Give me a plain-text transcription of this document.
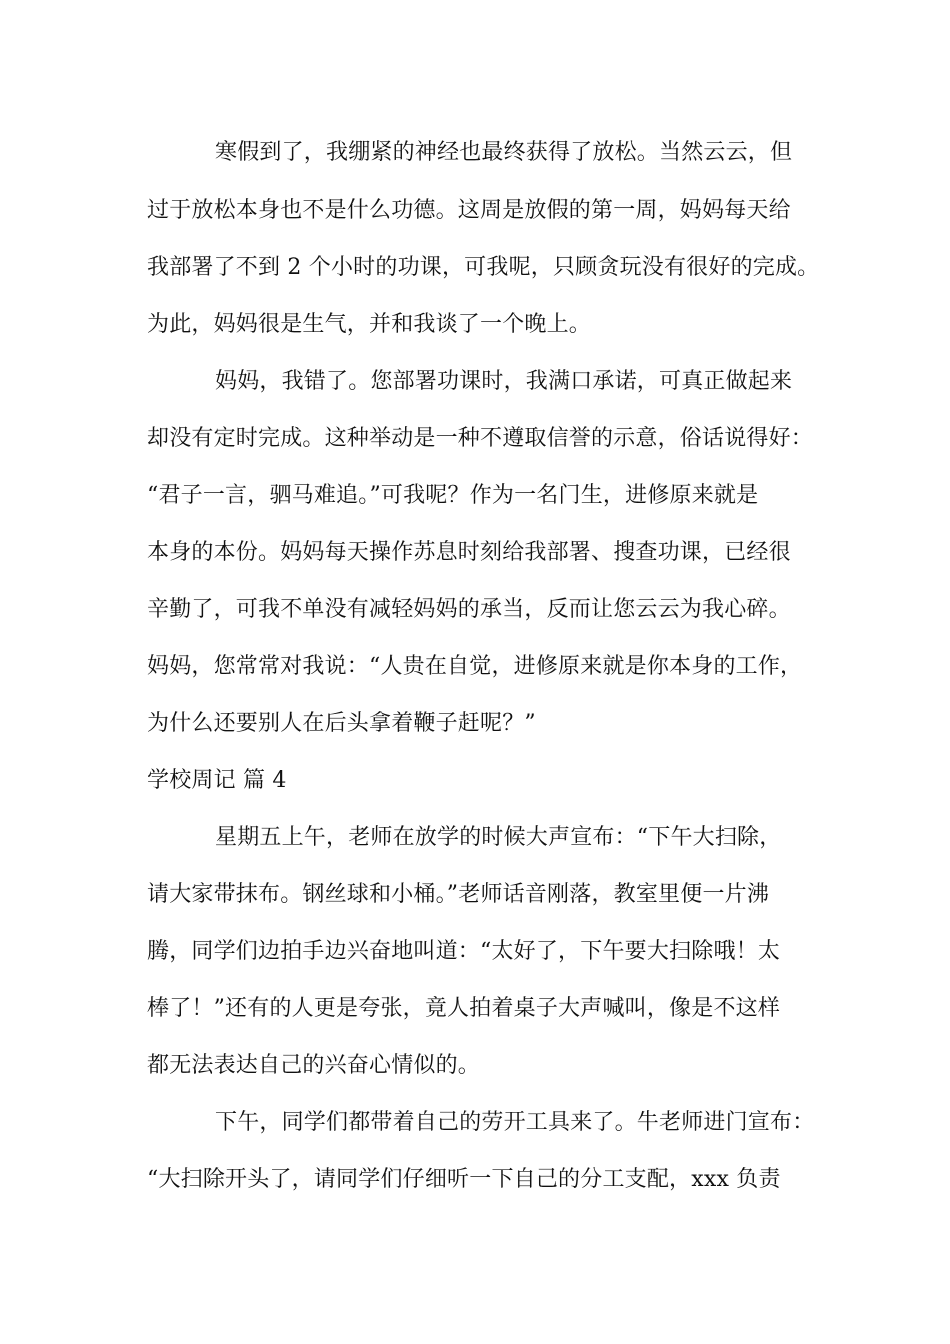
寒假到了，我绷紧的神经也最终获得了放松。当然云云，但
过于放松本身也不是什么功德。这周是放假的第一周，妈妈每天给
我部署了不到 2 个小时的功课，可我呢，只顾贪玩没有很好的完成。
为此，妈妈很是生气，并和我谈了一个晚上。
妈妈，我错了。您部署功课时，我满口承诺，可真正做起来
却没有定时完成。这种举动是一种不遵取信誉的示意，俗话说得好：
“君子一言，驷马难追。”可我呢？作为一名门生，进修原来就是
本身的本份。妈妈每天操作苏息时刻给我部署、搜查功课，已经很
辛勤了，可我不单没有减轻妈妈的承当，反而让您云云为我心碎。
妈妈，您常常对我说：“人贵在自觉，进修原来就是你本身的工作，
为什么还要别人在后头拿着鞭子赶呢？”
学校周记 篇 4
星期五上午，老师在放学的时候大声宣布：“下午大扫除，
请大家带抹布。钢丝球和小桶。”老师话音刚落，教室里便一片沸
腾，同学们边拍手边兴奋地叫道：“太好了，下午要大扫除哦！太
棒了！”还有的人更是夸张，竟人拍着桌子大声喊叫，像是不这样
都无法表达自己的兴奋心情似的。
下午，同学们都带着自己的劳开工具来了。牛老师进门宣布：
“大扫除开头了，请同学们仔细听一下自己的分工支配，xxx 负责
